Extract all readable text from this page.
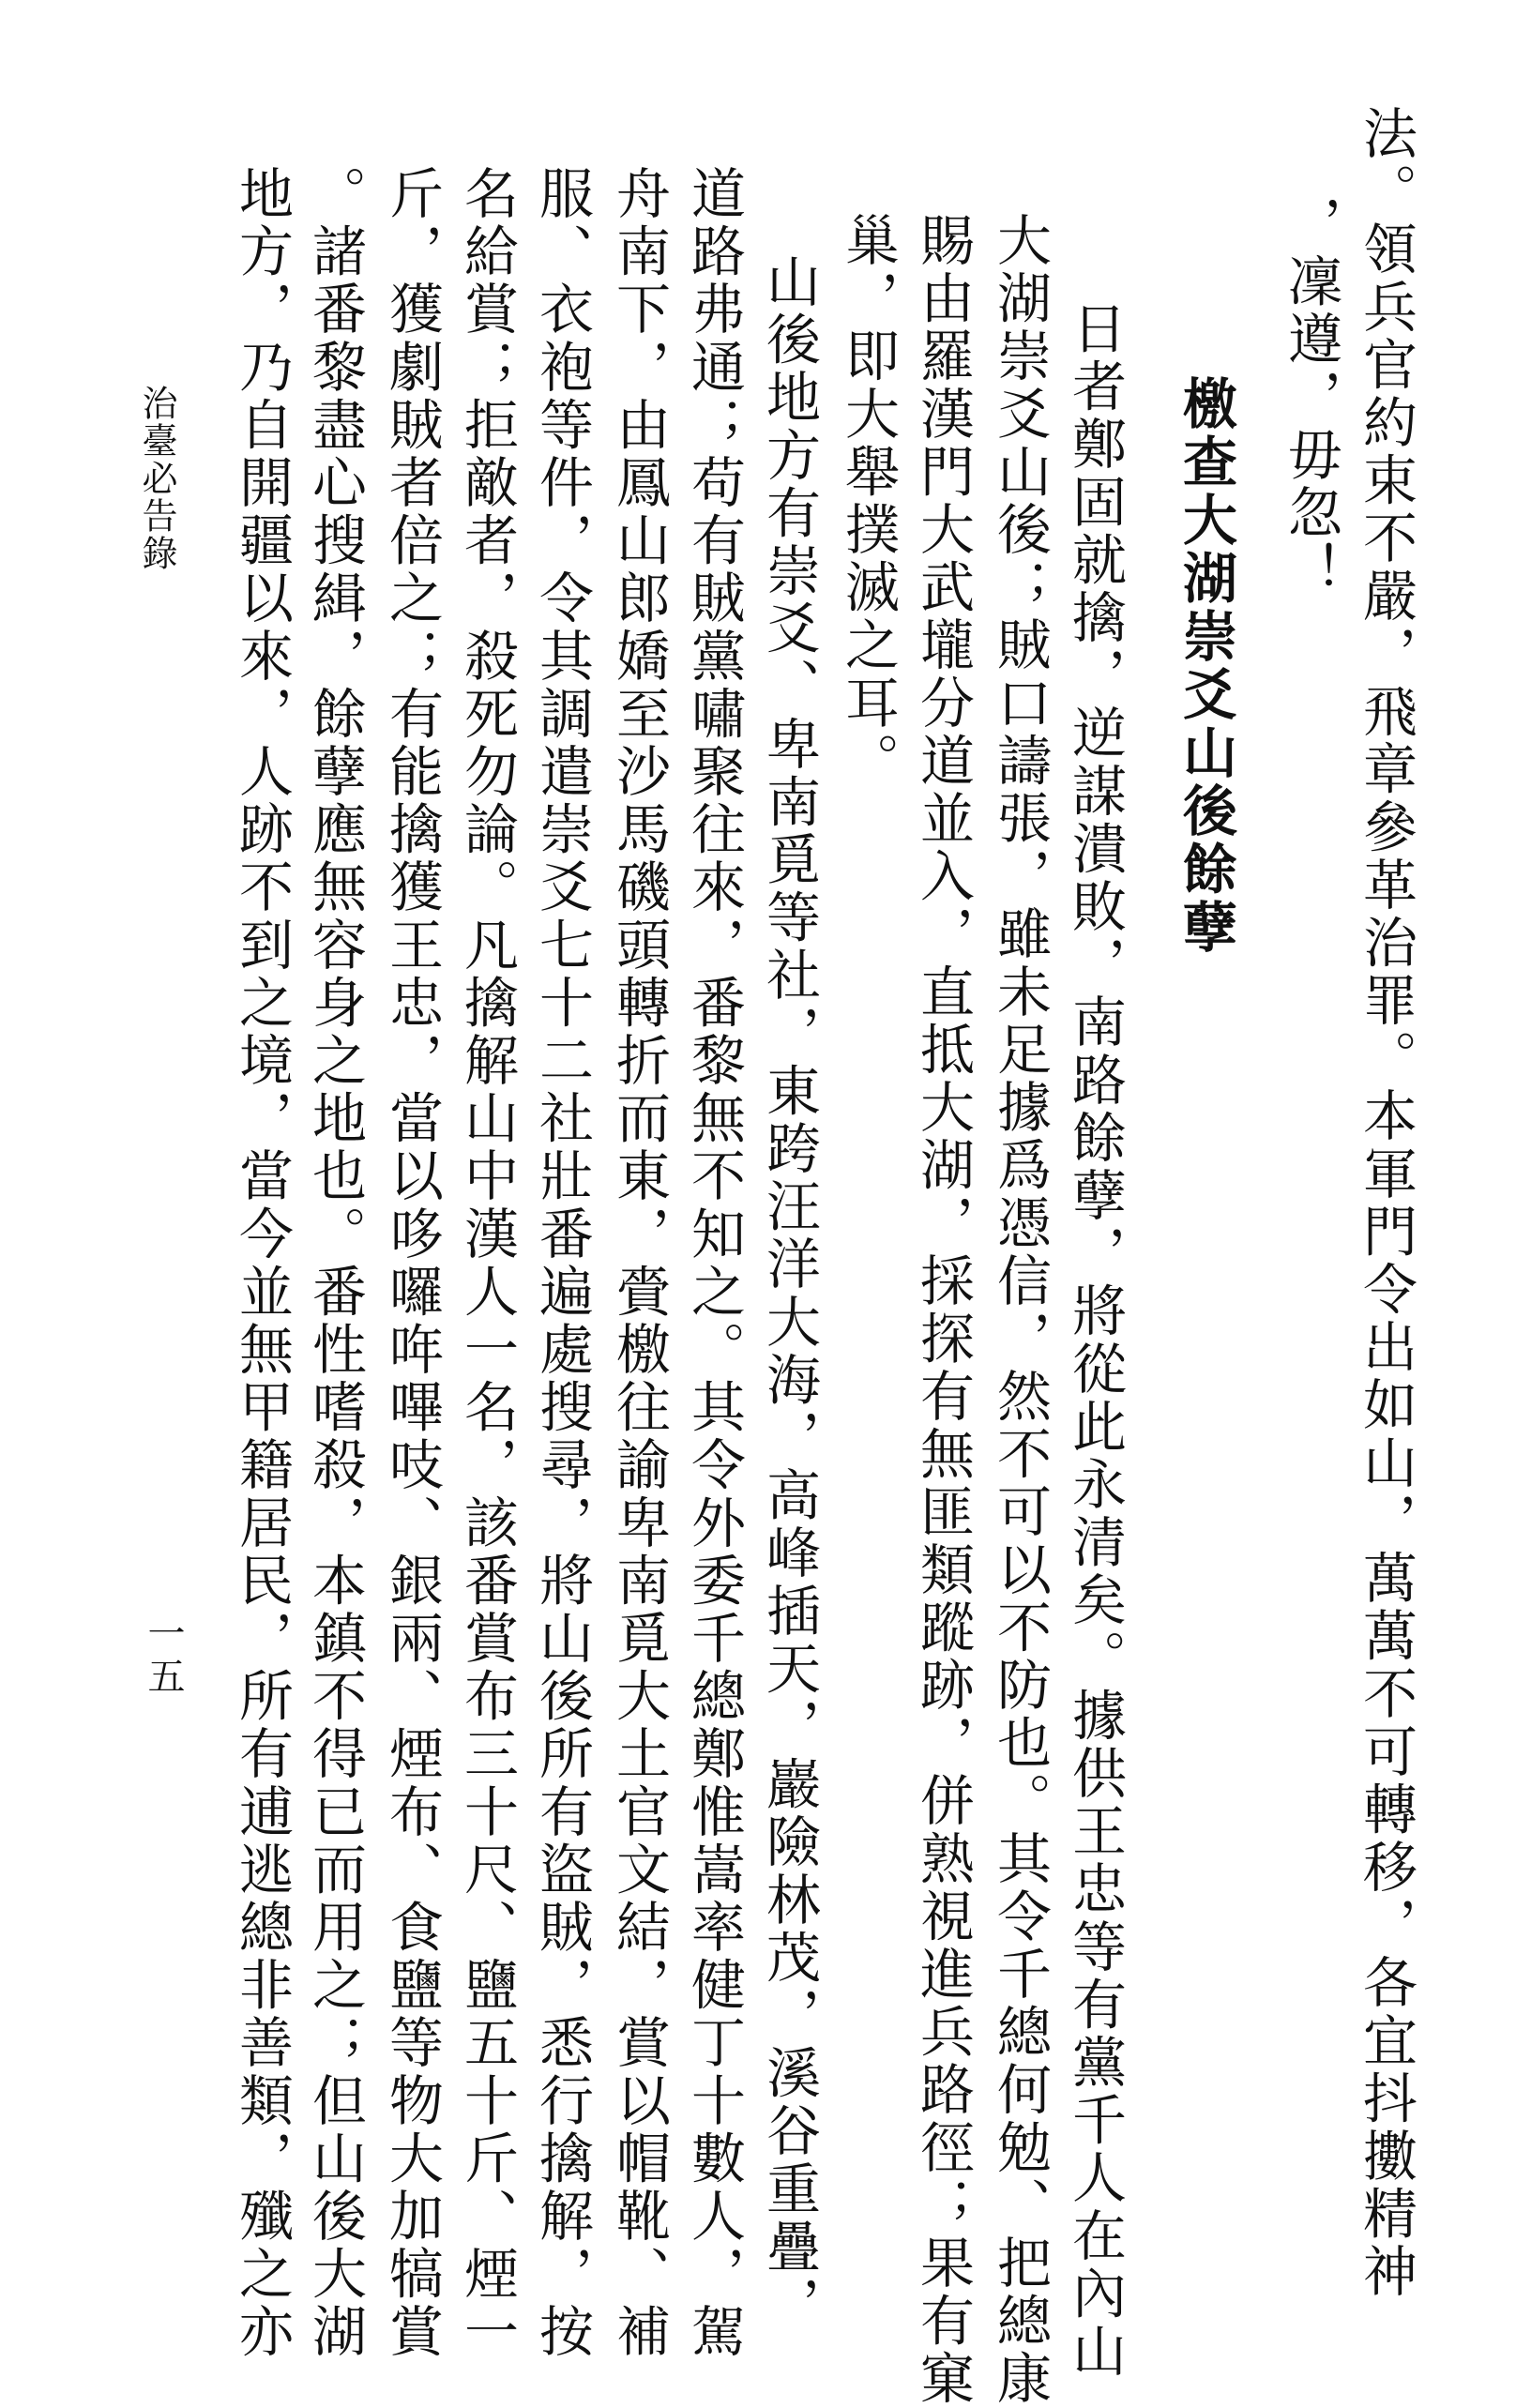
法。領兵官約束不嚴，飛章參革治罪。本軍門令出如山，萬萬不可轉移，各宜抖擻精神
，凜遵，毋忽！
檄查大湖崇爻山後餘孽
日者鄭固就擒，逆謀潰敗，南路餘孽，將從此永清矣。據供王忠等有黨千人在內山
大湖崇爻山後；賊口譸張，雖未足據爲憑信，然不可以不防也。其令千總何勉、把總康
賜由羅漢門大武壠分道並入，直抵大湖，採探有無匪類蹤跡，併熟視進兵路徑；果有窠
巢，即大舉撲滅之耳。
山後地方有崇爻、卑南覓等社，東跨汪洋大海，高峰插天，巖險林茂，溪谷重疊，
道路弗通；苟有賊黨嘯聚往來，番黎無不知之。其令外委千總鄭惟嵩率健丁十數人，駕
舟南下，由鳳山郎嬌至沙馬磯頭轉折而東，賫檄往諭卑南覓大土官文結，賞以帽靴、補
服、衣袍等件，令其調遣崇爻七十二社壯番遍處搜尋，將山後所有盜賊，悉行擒解，按
名給賞；拒敵者，殺死勿論。凡擒解山中漢人一名，該番賞布三十尺、鹽五十斤、煙一
斤，獲劇賊者倍之；有能擒獲王忠，當以哆囉哖嗶吱、銀兩、煙布、食鹽等物大加犒賞
。諸番黎盡心搜緝，餘孽應無容身之地也。番性嗜殺，本鎮不得已而用之；但山後大湖
地方，乃自開疆以來，人跡不到之境，當今並無甲籍居民，所有逋逃總非善類，殲之亦
治臺必告錄
一五
